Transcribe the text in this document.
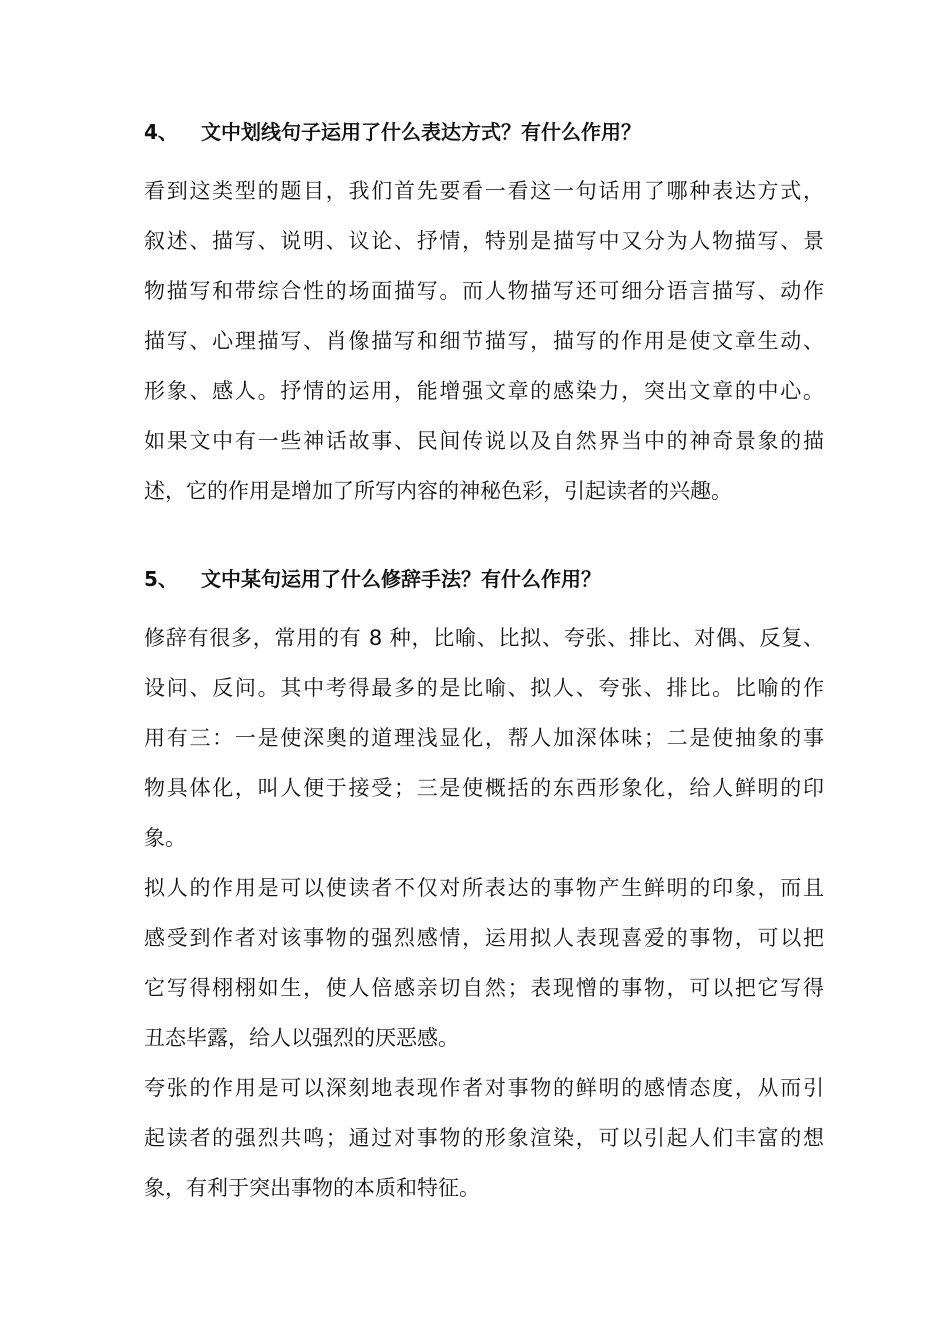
4、 文中划线句子运用了什么表达方式？有什么作用？

看到这类型的题目，我们首先要看一看这一句话用了哪种表达方式，
叙述、描写、说明、议论、抒情，特别是描写中又分为人物描写、景
物描写和带综合性的场面描写。而人物描写还可细分语言描写、动作
描写、心理描写、肖像描写和细节描写，描写的作用是使文章生动、
形象、感人。抒情的运用，能增强文章的感染力，突出文章的中心。
如果文中有一些神话故事、民间传说以及自然界当中的神奇景象的描
述，它的作用是增加了所写内容的神秘色彩，引起读者的兴趣。

5、 文中某句运用了什么修辞手法？有什么作用？

修辞有很多，常用的有 8 种，比喻、比拟、夸张、排比、对偶、反复、
设问、反问。其中考得最多的是比喻、拟人、夸张、排比。比喻的作
用有三：一是使深奥的道理浅显化，帮人加深体味；二是使抽象的事
物具体化，叫人便于接受；三是使概括的东西形象化，给人鲜明的印
象。
拟人的作用是可以使读者不仅对所表达的事物产生鲜明的印象，而且
感受到作者对该事物的强烈感情，运用拟人表现喜爱的事物，可以把
它写得栩栩如生，使人倍感亲切自然；表现憎的事物，可以把它写得
丑态毕露，给人以强烈的厌恶感。
夸张的作用是可以深刻地表现作者对事物的鲜明的感情态度，从而引
起读者的强烈共鸣；通过对事物的形象渲染，可以引起人们丰富的想
象，有利于突出事物的本质和特征。
